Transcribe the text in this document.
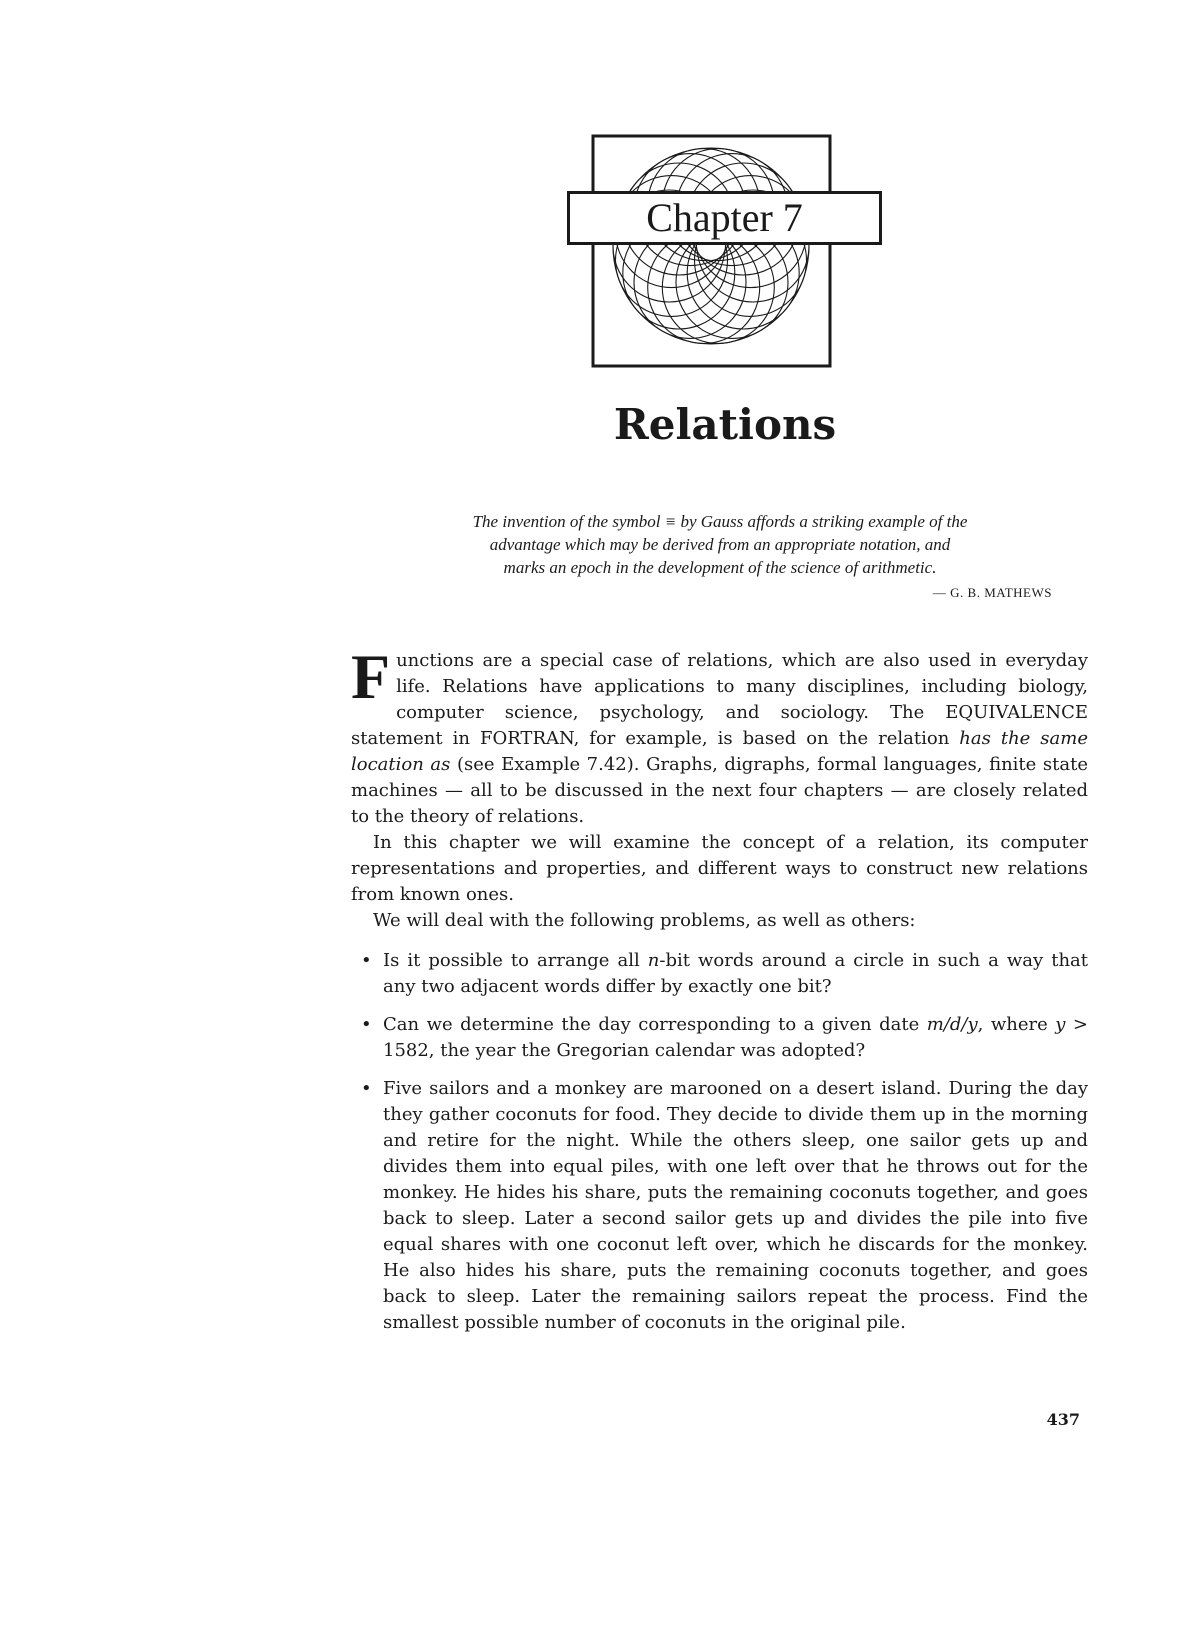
Chapter 7
Relations

The invention of the symbol ≡ by Gauss affords a striking example of the

advantage which may be derived from an appropriate notation, and

marks an epoch in the development of the science of arithmetic.

— G. B. MATHEWS

Functions are a special case of relations, which are also used in everyday life. Relations have applications to many disciplines, including biology, computer science, psychology, and sociology. The EQUIVALENCE statement in FORTRAN, for example, is based on the relation has the same location as (see Example 7.42). Graphs, digraphs, formal languages, finite state machines — all to be discussed in the next four chapters — are closely related to the theory of relations.

In this chapter we will examine the concept of a relation, its computer representations and properties, and different ways to construct new relations from known ones.

We will deal with the following problems, as well as others:

• Is it possible to arrange all n-bit words around a circle in such a way that any two adjacent words differ by exactly one bit?
• Can we determine the day corresponding to a given date m/d/y, where y > 1582, the year the Gregorian calendar was adopted?
• Five sailors and a monkey are marooned on a desert island. During the day they gather coconuts for food. They decide to divide them up in the morning and retire for the night. While the others sleep, one sailor gets up and divides them into equal piles, with one left over that he throws out for the monkey. He hides his share, puts the remaining coconuts together, and goes back to sleep. Later a second sailor gets up and divides the pile into five equal shares with one coconut left over, which he discards for the monkey. He also hides his share, puts the remaining coconuts together, and goes back to sleep. Later the remaining sailors repeat the process. Find the smallest possible number of coconuts in the original pile.
437
